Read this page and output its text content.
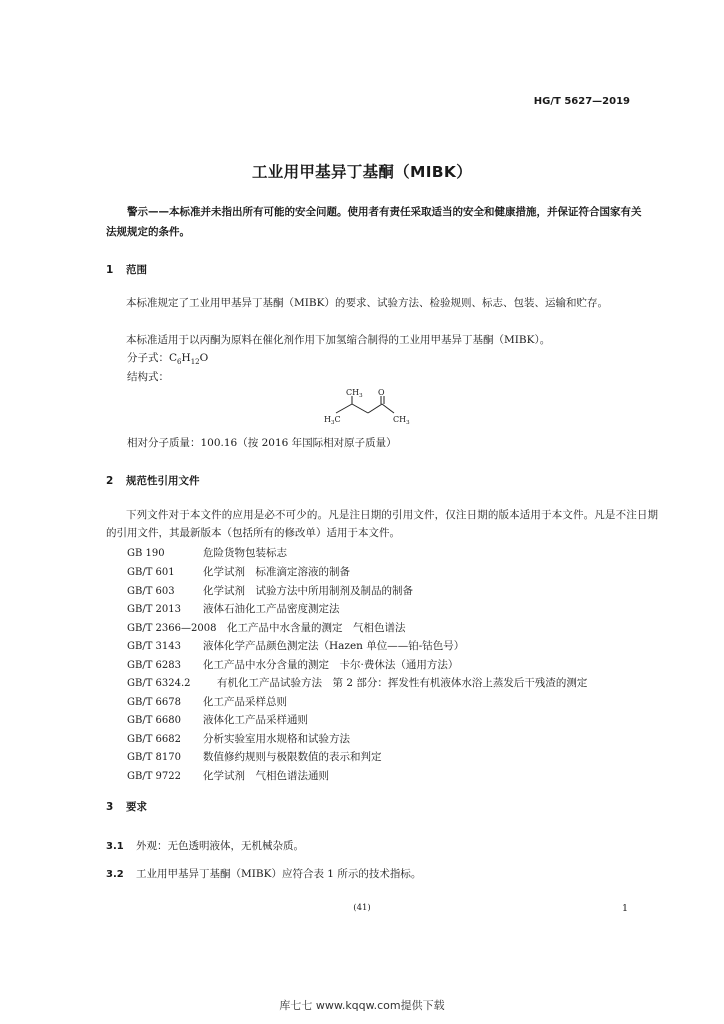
HG/T 5627—2019
工业用甲基异丁基酮（MIBK）
警示——本标准并未指出所有可能的安全问题。使用者有责任采取适当的安全和健康措施，并保证符合国家有关法规规定的条件。
1 范围
本标准规定了工业用甲基异丁基酮（MIBK）的要求、试验方法、检验规则、标志、包装、运输和贮存。
本标准适用于以丙酮为原料在催化剂作用下加氢缩合制得的工业用甲基异丁基酮（MIBK）。
分子式：$C_6H_{12}O$
结构式：
$CH_3$ O
$H_3C$	$CH_3$
相对分子质量：100.16（按 2016 年国际相对原子质量）
2 规范性引用文件
下列文件对于本文件的应用是必不可少的。凡是注日期的引用文件，仅注日期的版本适用于本文件。凡是不注日期的引用文件，其最新版本（包括所有的修改单）适用于本文件。
GB 190	危险货物包装标志
GB/T 601	化学试剂　标准滴定溶液的制备
GB/T 603	化学试剂　试验方法中所用制剂及制品的制备
GB/T 2013 液体石油化工产品密度测定法
GB/T 2366—2008 化工产品中水含量的测定　气相色谱法
GB/T 3143 液体化学产品颜色测定法（Hazen 单位——铂-钴色号）
GB/T 6283 化工产品中水分含量的测定　卡尔·费休法（通用方法）
GB/T 6324.2	有机化工产品试验方法　第 2 部分：挥发性有机液体水浴上蒸发后干残渣的测定
GB/T 6678 化工产品采样总则
GB/T 6680 液体化工产品采样通则
GB/T 6682 分析实验室用水规格和试验方法
GB/T 8170 数值修约规则与极限数值的表示和判定
GB/T 9722 化学试剂　气相色谱法通则
3 要求
3.1 外观：无色透明液体，无机械杂质。
3.2 工业用甲基异丁基酮（MIBK）应符合表 1 所示的技术指标。
(41)	1
库七七 www.kqqw.com提供下载
